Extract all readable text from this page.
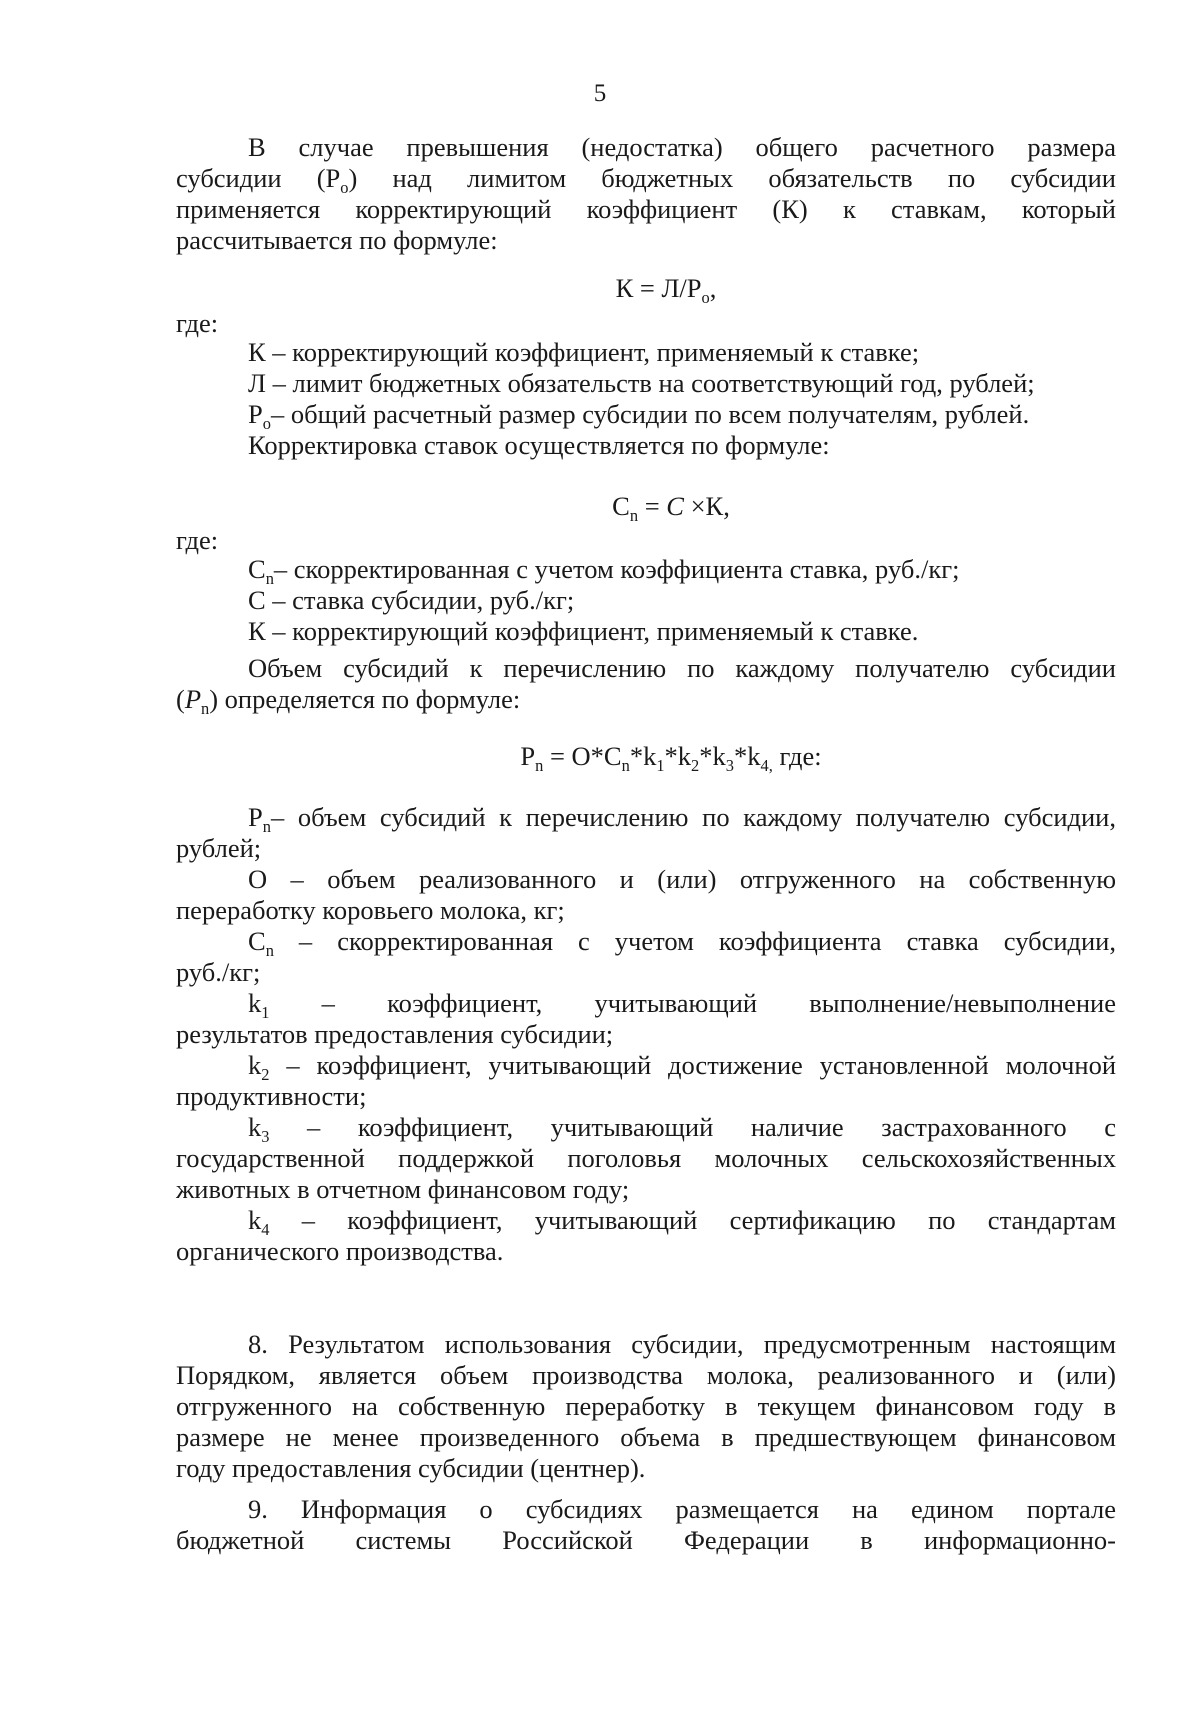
5
В случае превышения (недостатка) общего расчетного размера
субсидии $(Р_о)$ над лимитом бюджетных обязательств по субсидии
применяется корректирующий коэффициент (К) к ставкам, который
рассчитывается по формуле:
$К = Л/Р_о$,
где:
К – корректирующий коэффициент, применяемый к ставке;
Л – лимит бюджетных обязательств на соответствующий год, рублей;
$Р_о-$ общий расчетный размер субсидии по всем получателям, рублей.
Корректировка ставок осуществляется по формуле:
$С_n = С \times К$,
где:
$С_n-$ скорректированная с учетом коэффициента ставка, руб./кг;
С – ставка субсидии, руб./кг;
К – корректирующий коэффициент, применяемый к ставке.
Объем субсидий к перечислению по каждому получателю субсидии
$(Р_n)$ определяется по формуле:
$Р_n = О*С_n*k_1*k_2*k_3*k_{4,}$ где:
$Р_n-$ объем субсидий к перечислению по каждому получателю субсидии,
рублей;
О – объем реализованного и (или) отгруженного на собственную
переработку коровьего молока, кг;
$С_n$ – скорректированная с учетом коэффициента ставка субсидии,
руб./кг;
$k_1$ – коэффициент, учитывающий выполнение/невыполнение
результатов предоставления субсидии;
$k_2$ – коэффициент, учитывающий достижение установленной молочной
продуктивности;
$k_3$ – коэффициент, учитывающий наличие застрахованного с
государственной поддержкой поголовья молочных сельскохозяйственных
животных в отчетном финансовом году;
$k_4$ – коэффициент, учитывающий сертификацию по стандартам
органического производства.
8. Результатом использования субсидии, предусмотренным настоящим
Порядком, является объем производства молока, реализованного и (или)
отгруженного на собственную переработку в текущем финансовом году в
размере не менее произведенного объема в предшествующем финансовом
году предоставления субсидии (центнер).
9. Информация о субсидиях размещается на едином портале
бюджетной системы Российской Федерации в информационно-
